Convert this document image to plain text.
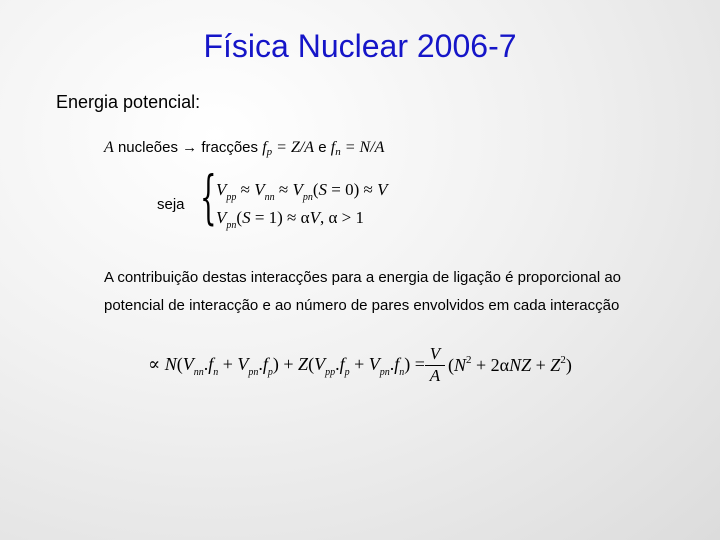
Física Nuclear 2006-7
Energia potencial:
A nucleões → fracções $f_p = Z/A$ e $f_n = N/A$
seja { $V_{pp} \approx V_{nn} \approx V_{pn}(S = 0) \approx V$
$V_{pn}(S = 1) \approx \alpha V$, α > 1
A contribuição destas interacções para a energia de ligação é proporcional ao potencial de interacção e ao número de pares envolvidos em cada interacção
∝ $N(V_{nn}.f_n + V_{pn}.f_p) + Z(V_{pp}.f_p + V_{pn}.f_n)$ =
V
A
$(N^2 + 2\alpha NZ + Z^2)$
